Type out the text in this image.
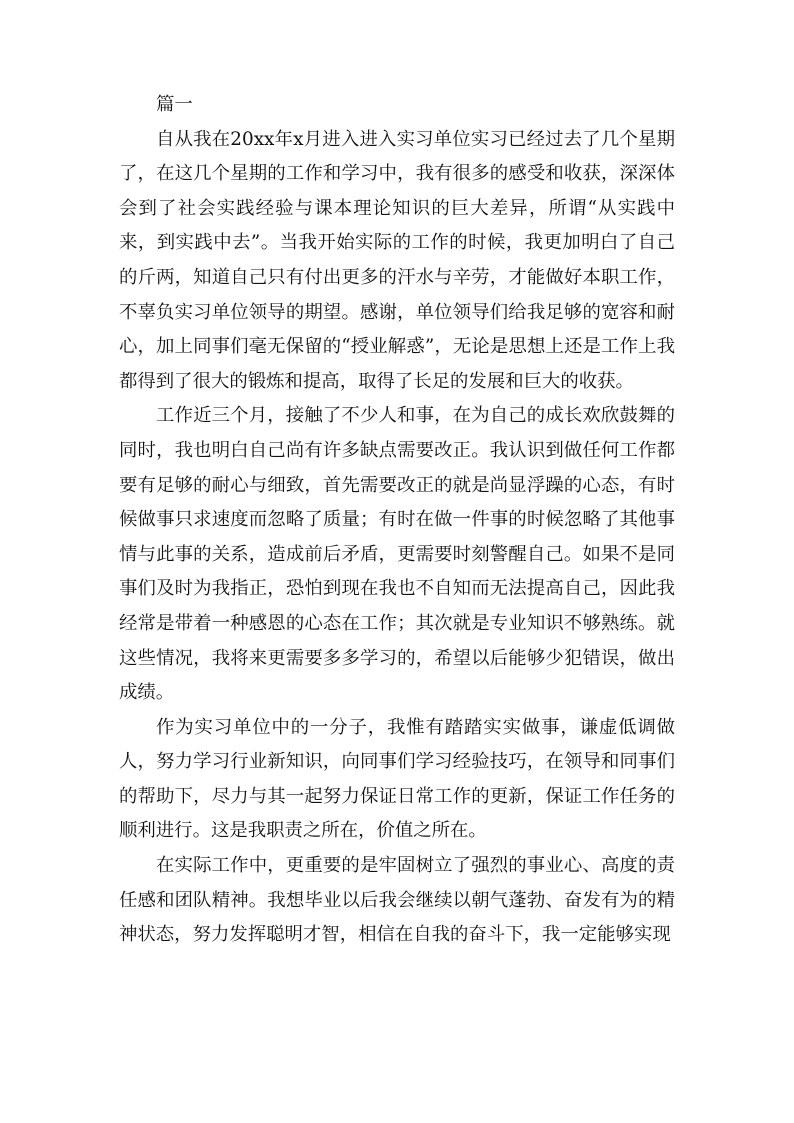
篇一

自从我在20xx年x月进入进入实习单位实习已经过去了几个星期了，在这几个星期的工作和学习中，我有很多的感受和收获，深深体会到了社会实践经验与课本理论知识的巨大差异，所谓“从实践中来，到实践中去”。当我开始实际的工作的时候，我更加明白了自己的斤两，知道自己只有付出更多的汗水与辛劳，才能做好本职工作，不辜负实习单位领导的期望。感谢，单位领导们给我足够的宽容和耐心，加上同事们毫无保留的“授业解惑”，无论是思想上还是工作上我都得到了很大的锻炼和提高，取得了长足的发展和巨大的收获。

工作近三个月，接触了不少人和事，在为自己的成长欢欣鼓舞的同时，我也明白自己尚有许多缺点需要改正。我认识到做任何工作都要有足够的耐心与细致，首先需要改正的就是尚显浮躁的心态，有时候做事只求速度而忽略了质量；有时在做一件事的时候忽略了其他事情与此事的关系，造成前后矛盾，更需要时刻警醒自己。如果不是同事们及时为我指正，恐怕到现在我也不自知而无法提高自己，因此我经常是带着一种感恩的心态在工作；其次就是专业知识不够熟练。就这些情况，我将来更需要多多学习的，希望以后能够少犯错误，做出成绩。

作为实习单位中的一分子，我惟有踏踏实实做事，谦虚低调做人，努力学习行业新知识，向同事们学习经验技巧，在领导和同事们的帮助下，尽力与其一起努力保证日常工作的更新，保证工作任务的顺利进行。这是我职责之所在，价值之所在。

在实际工作中，更重要的是牢固树立了强烈的事业心、高度的责任感和团队精神。我想毕业以后我会继续以朝气蓬勃、奋发有为的精神状态，努力发挥聪明才智，相信在自我的奋斗下，我一定能够实现
